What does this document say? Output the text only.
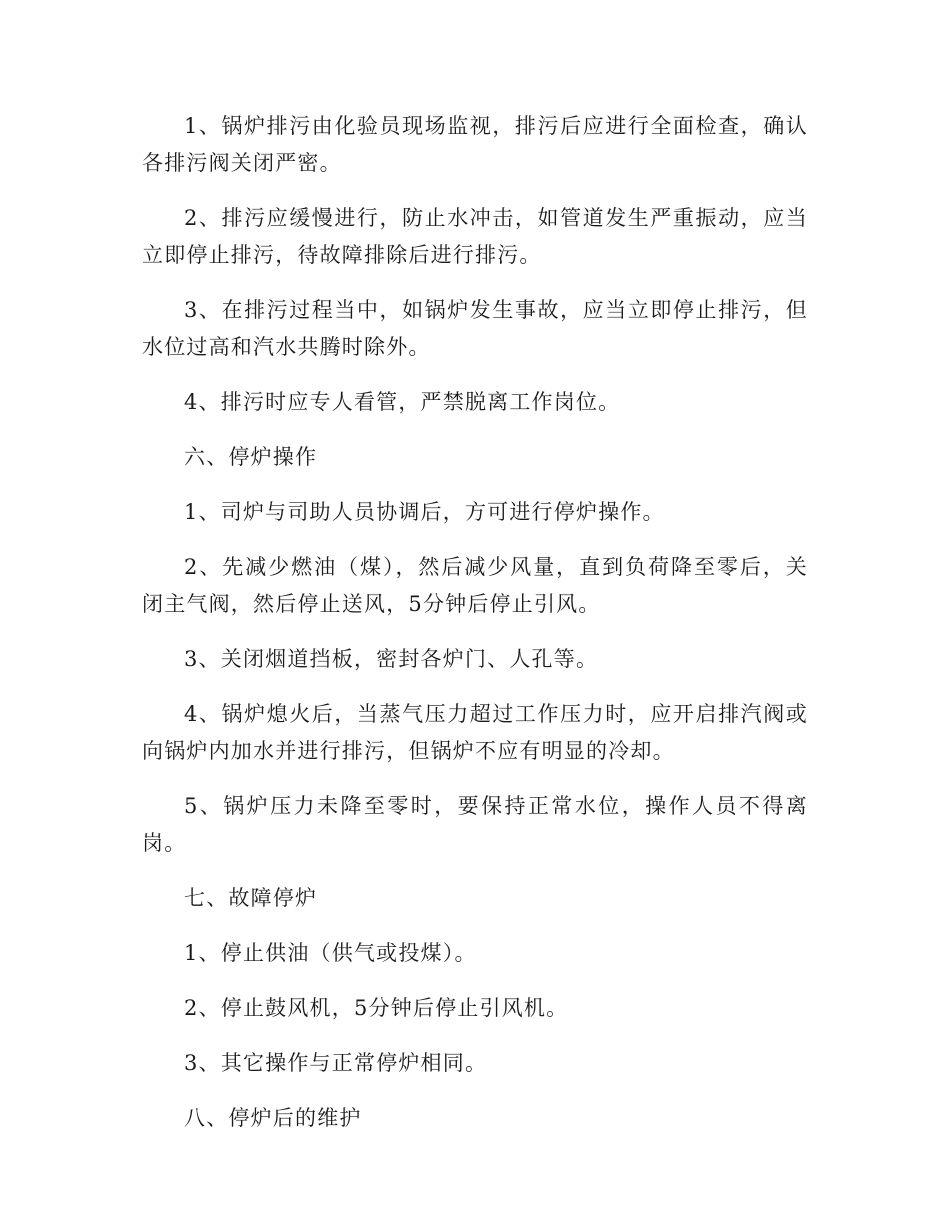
1、锅炉排污由化验员现场监视，排污后应进行全面检查，确认各排污阀关闭严密。

2、排污应缓慢进行，防止水冲击，如管道发生严重振动，应当立即停止排污，待故障排除后进行排污。

3、在排污过程当中，如锅炉发生事故，应当立即停止排污，但水位过高和汽水共腾时除外。

4、排污时应专人看管，严禁脱离工作岗位。

六、停炉操作

1、司炉与司助人员协调后，方可进行停炉操作。

2、先减少燃油（煤），然后减少风量，直到负荷降至零后，关闭主气阀，然后停止送风，5分钟后停止引风。

3、关闭烟道挡板，密封各炉门、人孔等。

4、锅炉熄火后，当蒸气压力超过工作压力时，应开启排汽阀或向锅炉内加水并进行排污，但锅炉不应有明显的冷却。

5、锅炉压力未降至零时，要保持正常水位，操作人员不得离岗。

七、故障停炉

1、停止供油（供气或投煤）。

2、停止鼓风机，5分钟后停止引风机。

3、其它操作与正常停炉相同。

八、停炉后的维护
